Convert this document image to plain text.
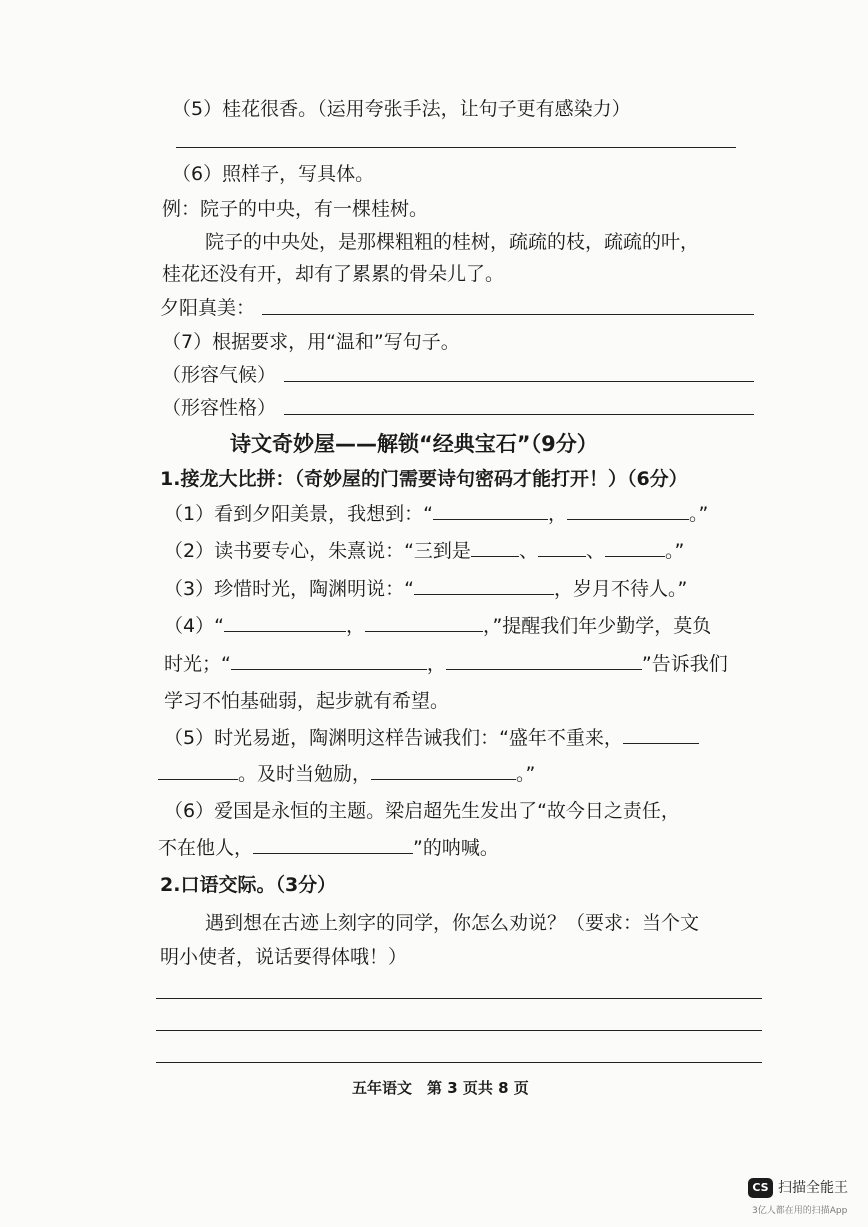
（5）桂花很香。（运用夸张手法，让句子更有感染力）
（6）照样子，写具体。
例：院子的中央，有一棵桂树。
院子的中央处，是那棵粗粗的桂树，疏疏的枝，疏疏的叶，
桂花还没有开，却有了累累的骨朵儿了。
夕阳真美：
（7）根据要求，用“温和”写句子。
（形容气候）
（形容性格）
诗文奇妙屋——解锁“经典宝石”（9分）
1.接龙大比拼：（奇妙屋的门需要诗句密码才能打开！）（6分）
（1）看到夕阳美景，我想到：“	，	。”
（2）读书要专心，朱熹说：“三到是	、	、	。”
（3）珍惜时光，陶渊明说：“	，岁月不待人。”
（4）“	，	，”提醒我们年少勤学，莫负
时光；“	，	”告诉我们
学习不怕基础弱，起步就有希望。
（5）时光易逝，陶渊明这样告诫我们：“盛年不重来，
。及时当勉励，	。”
（6）爱国是永恒的主题。梁启超先生发出了“故今日之责任，
不在他人，	”的呐喊。
2.口语交际。（3分）
遇到想在古迹上刻字的同学，你怎么劝说？（要求：当个文
明小使者，说话要得体哦！）
五年语文　第 3 页共 8 页
CS 扫描全能王
3亿人都在用的扫描App
